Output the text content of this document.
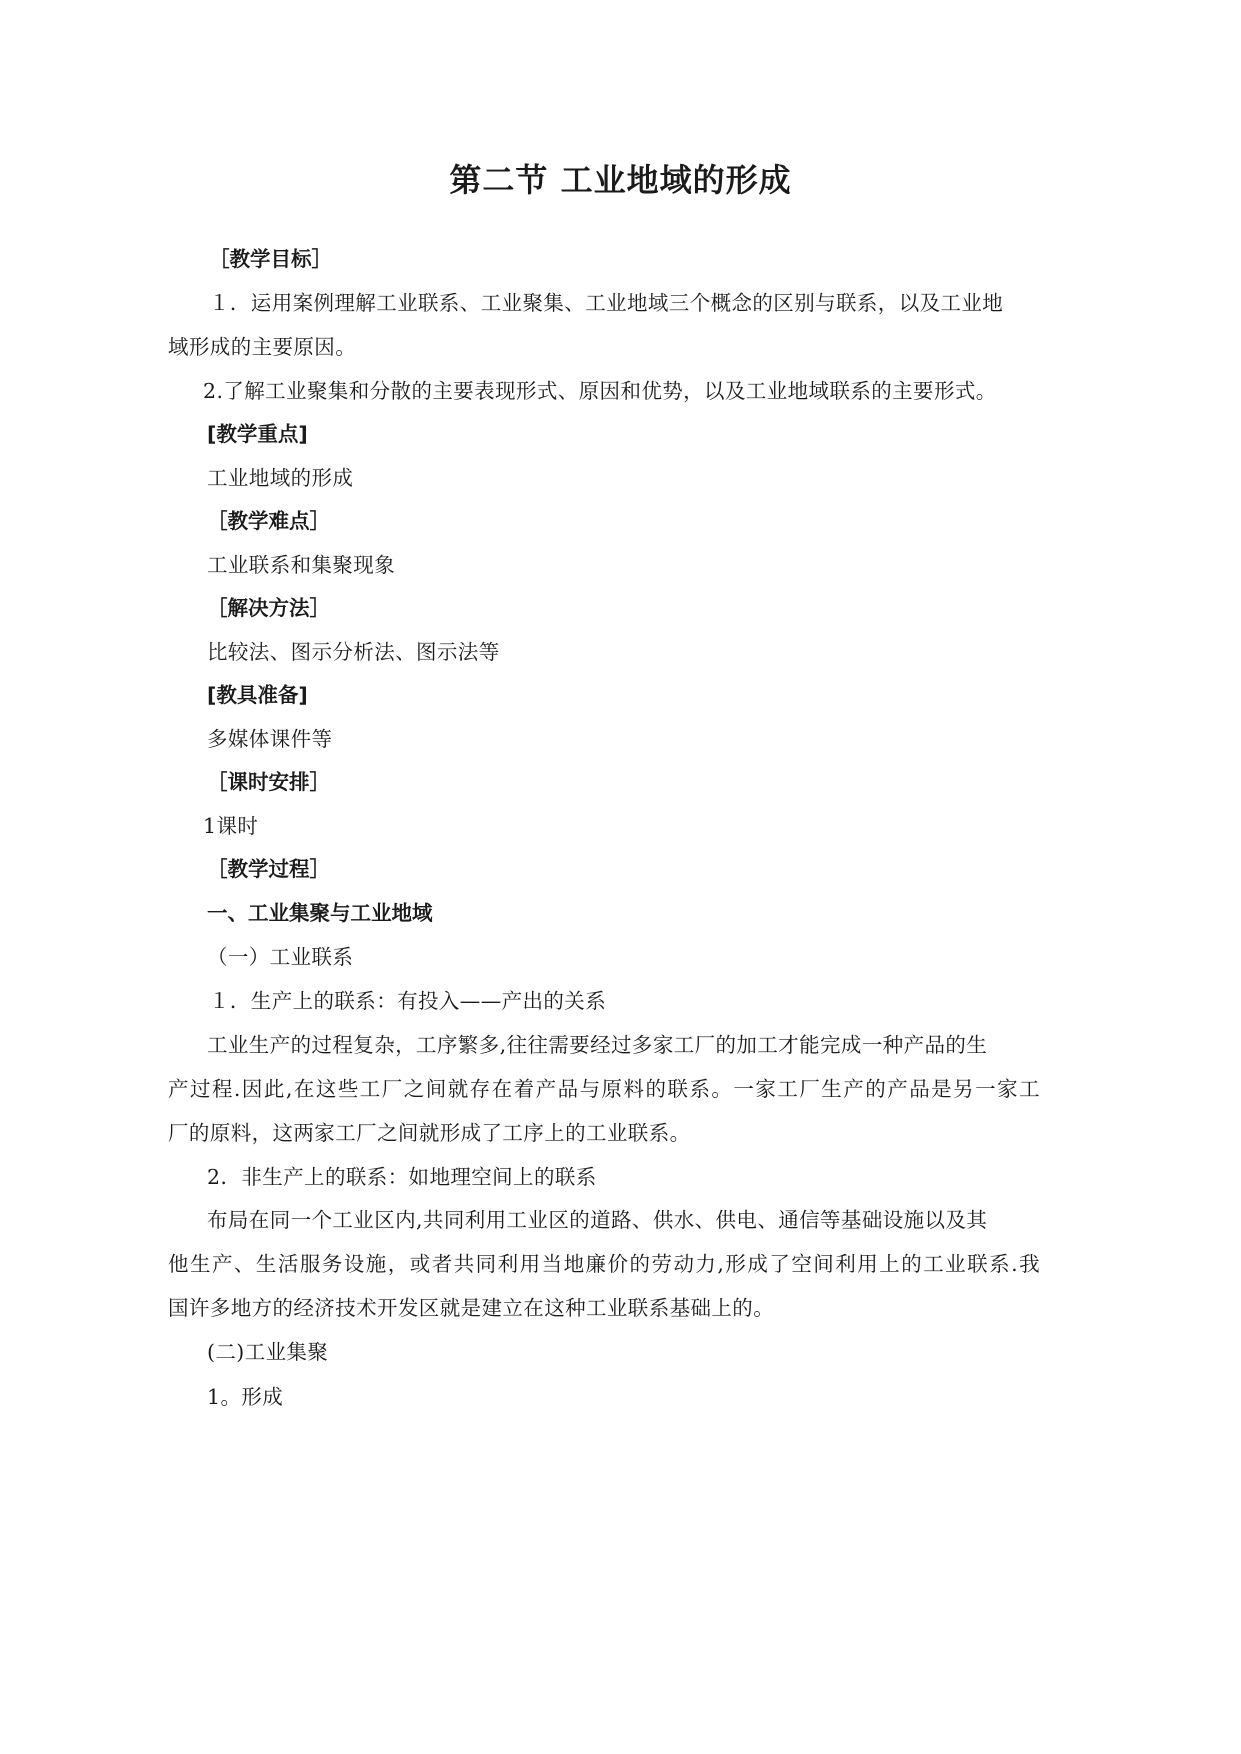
第二节 工业地域的形成
［教学目标］
１．运用案例理解工业联系、工业聚集、工业地域三个概念的区别与联系，以及工业地
域形成的主要原因。
2.了解工业聚集和分散的主要表现形式、原因和优势，以及工业地域联系的主要形式。
[教学重点]
工业地域的形成
［教学难点］
工业联系和集聚现象
［解决方法］
比较法、图示分析法、图示法等
[教具准备]
多媒体课件等
［课时安排］
1课时
［教学过程］
一、工业集聚与工业地域
（一）工业联系
１．生产上的联系：有投入——产出的关系
工业生产的过程复杂，工序繁多,往往需要经过多家工厂的加工才能完成一种产品的生
产过程.因此,在这些工厂之间就存在着产品与原料的联系。一家工厂生产的产品是另一家工
厂的原料，这两家工厂之间就形成了工序上的工业联系。
2．非生产上的联系：如地理空间上的联系
布局在同一个工业区内,共同利用工业区的道路、供水、供电、通信等基础设施以及其
他生产、生活服务设施，或者共同利用当地廉价的劳动力,形成了空间利用上的工业联系.我
国许多地方的经济技术开发区就是建立在这种工业联系基础上的。
(二)工业集聚
1。形成
